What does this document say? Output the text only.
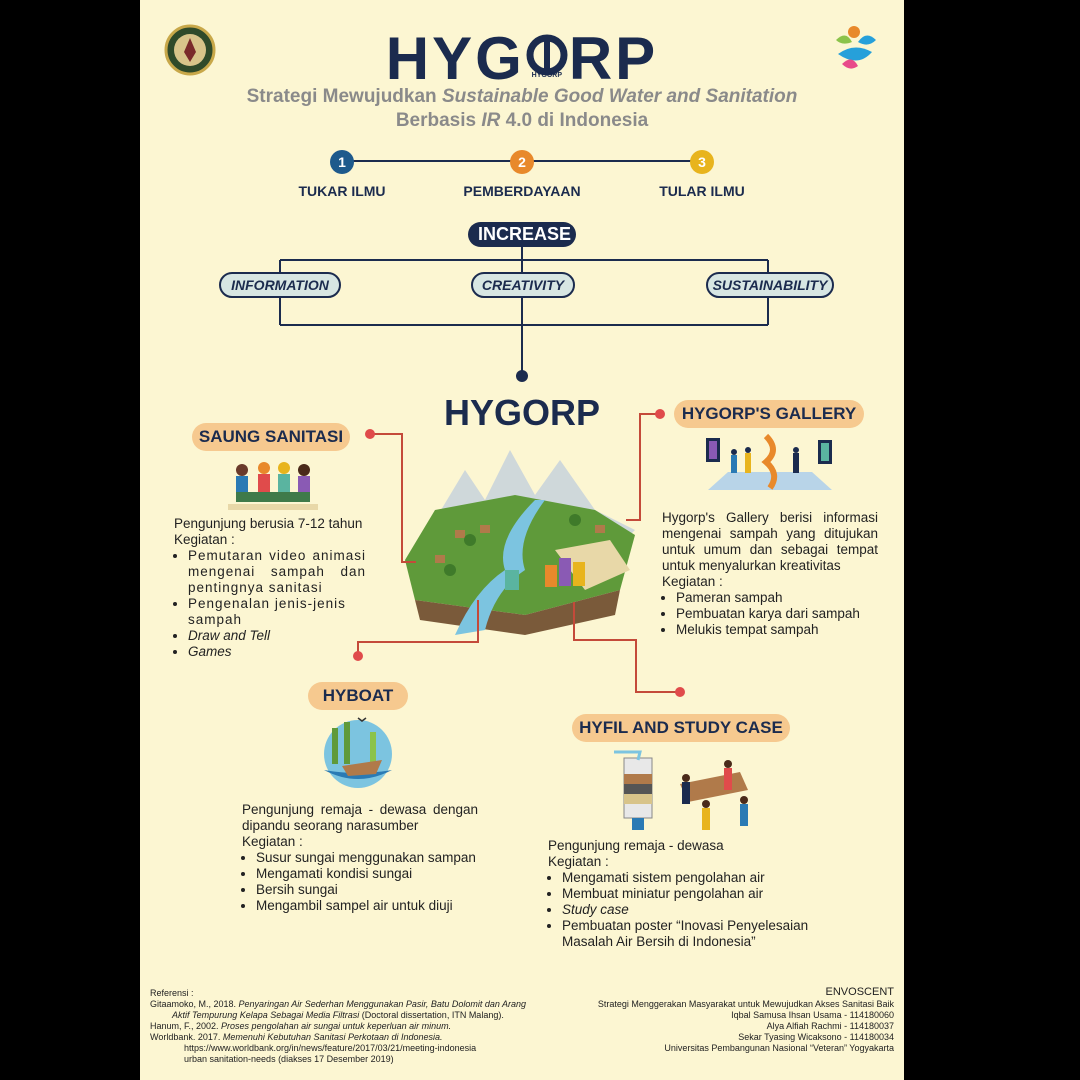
HYG HYGORP RP
Strategi Mewujudkan Sustainable Good Water and Sanitation
Berbasis IR 4.0 di Indonesia
1	2	3
TUKAR ILMU	PEMBERDAYAAN	TULAR ILMU
INCREASE
INFORMATION	CREATIVITY	SUSTAINABILITY
HYGORP
SAUNG SANITASI
Pengunjung berusia 7-12 tahun
Kegiatan :
• Pemutaran video animasi mengenai sampah dan pentingnya sanitasi
• Pengenalan jenis-jenis sampah
• Draw and Tell
• Games
HYGORP'S GALLERY
Hygorp's Gallery berisi informasi mengenai sampah yang ditujukan untuk umum dan sebagai tempat untuk menyalurkan kreativitas
Kegiatan :
• Pameran sampah
• Pembuatan karya dari sampah
• Melukis tempat sampah
HYBOAT
Pengunjung remaja - dewasa dengan dipandu seorang narasumber
Kegiatan :
• Susur sungai menggunakan sampan
• Mengamati kondisi sungai
• Bersih sungai
• Mengambil sampel air untuk diuji
HYFIL AND STUDY CASE
Pengunjung remaja - dewasa
Kegiatan :
• Mengamati sistem pengolahan air
• Membuat miniatur pengolahan air
• Study case
• Pembuatan poster “Inovasi Penyelesaian Masalah Air Bersih di Indonesia”
Referensi :
Gitaamoko, M., 2018. Penyaringan Air Sederhan Menggunakan Pasir, Batu Dolomit dan Arang
Aktif Tempurung Kelapa Sebagai Media Filtrasi (Doctoral dissertation, ITN Malang).
Hanum, F., 2002. Proses pengolahan air sungai untuk keperluan air minum.
Worldbank. 2017. Memenuhi Kebutuhan Sanitasi Perkotaan di Indonesia.
https://www.worldbank.org/in/news/feature/2017/03/21/meeting-indonesia
urban sanitation-needs (diakses 17 Desember 2019)
ENVOSCENT
Strategi Menggerakan Masyarakat untuk Mewujudkan Akses Sanitasi Baik
Iqbal Samusa Ihsan Usama - 114180060
Alya Alfiah Rachmi - 114180037
Sekar Tyasing Wicaksono - 114180034
Universitas Pembangunan Nasional “Veteran” Yogyakarta
